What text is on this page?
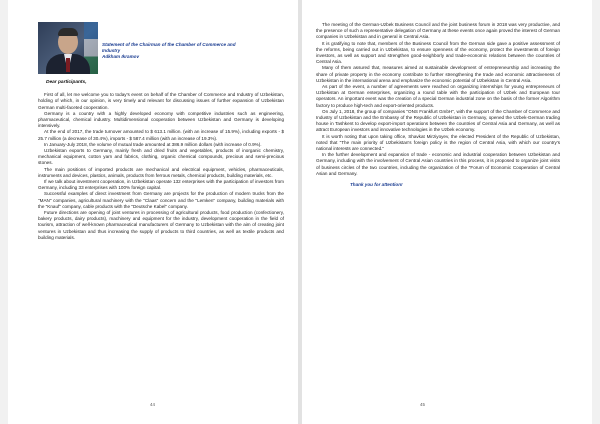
Statement of the Chairman of the Chamber of Commerce and
Industry
Adkham Ikramov
Dear participants,

First of all, let me welcome you to today's event on behalf of the Chamber of Commerce and Industry of Uzbekistan, holding of which, in our opinion, is very timely and relevant for discussing issues of further expansion of Uzbekistan German multi-faceted cooperation.

Germany is a country with a highly developed economy with competitive industries such as engineering, pharmaceutical, chemical industry. Multidimensional cooperation between Uzbekistan and Germany is developing intensively.

At the end of 2017, the trade turnover amounted to $ 613.1 million. (with an increase of 15.9%), including exports - $ 25.7 million (a decrease of 30.4%), imports - $ 587.4 million (with an increase of 19.3%).

In January-July 2018, the volume of mutual trade amounted at 386.9 million dollars (with increase of 0.9%).

Uzbekistan exports to Germany, mainly fresh and dried fruits and vegetables, products of inorganic chemistry, mechanical equipment, cotton yarn and fabrics, clothing, organic chemical compounds, precious and semi-precious stones.

The main positions of imported products are mechanical and electrical equipment, vehicles, pharmaceuticals, instruments and devices, plastics, animals, products from ferrous metals, chemical products, building materials, etc.

If we talk about investment cooperation, in Uzbekistan operate 132 enterprises with the participation of investors from Germany, including 33 enterprises with 100% foreign capital.

Successful examples of direct investment from Germany are projects for the production of modern trucks from the "MAN" companies, agricultural machinery with the "Claas" concern and the "Lemken" company, building materials with the "Knauf" company, cable products with the "Deutsche Kabel" company.

Future directions are opening of joint ventures in processing of agricultural products, food production (confectionery, bakery products, dairy products), machinery and equipment for the industry, development cooperation in the field of tourism, attraction of well-known pharmaceutical manufacturers of Germany to Uzbekistan with the aim of creating joint ventures in Uzbekistan and thus increasing the supply of products to third countries, as well as textile products and building materials.

44

The meeting of the German-Uzbek Business Council and the joint business forum in 2018 was very productive, and the presence of such a representative delegation of Germany at these events once again proved the interest of German companies in Uzbekistan and in general in Central Asia.

It is gratifying to note that, members of the Business Council from the German side gave a positive assessment of the reforms, being carried out in Uzbekistan, to ensure openness of the economy, protect the investments of foreign investors, as well as support and strengthen good-neighborly and trade-economic relations between the countries of Central Asia.

Many of them assured that, measures aimed at sustainable development of entrepreneurship and increasing the share of private property in the economy contribute to further strengthening the trade and economic attractiveness of Uzbekistan in the international arena and emphasize the economic potential of Uzbekistan in Central Asia.

As part of the event, a number of agreements were reached on organizing internships for young entrepreneurs of Uzbekistan at German enterprises, organizing a round table with the participation of Uzbek and European tour operators. An important event was the creation of a special German industrial zone on the basis of the former Algorithm factory to produce high-tech and export-oriented products.

On July 1, 2018, the group of companies "ONS Frankfurt GmbH", with the support of the Chamber of Commerce and Industry of Uzbekistan and the Embassy of the Republic of Uzbekistan in Germany, opened the Uzbek-German trading house in Tashkent to develop export-import operations between the countries of Central Asia and Germany, as well as attract European investors and innovative technologies in the Uzbek economy.

It is worth noting that upon taking office, Shavkat Mirziyoyev, the elected President of the Republic of Uzbekistan, noted that "The main priority of Uzbekistan's foreign policy is the region of Central Asia, with which our country's national interests are connected."

In the further development and expansion of trade - economic and industrial cooperation between Uzbekistan and Germany, including with the involvement of Central Asian countries in this process, it is proposed to organize joint visits of business circles of the two countries, including the organization of the "Forum of Economic Cooperation of Central Asian and Germany.

Thank you for attention!
45
